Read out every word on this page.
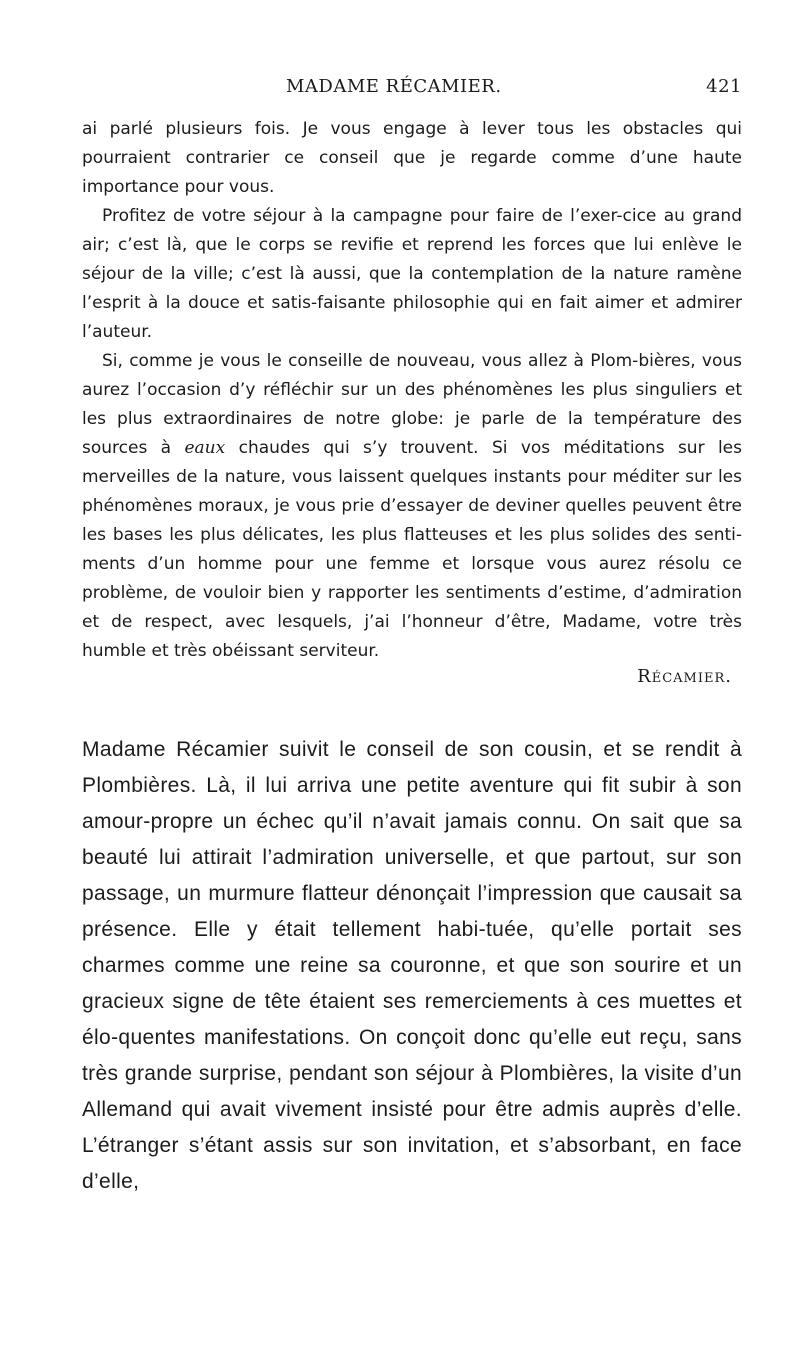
MADAME RÉCAMIER.	421

ai parlé plusieurs fois. Je vous engage à lever tous les obstacles qui pourraient contrarier ce conseil que je regarde comme d’une haute importance pour vous.

Profitez de votre séjour à la campagne pour faire de l’exer-cice au grand air; c’est là, que le corps se revifie et reprend les forces que lui enlève le séjour de la ville; c’est là aussi, que la contemplation de la nature ramène l’esprit à la douce et satis-faisante philosophie qui en fait aimer et admirer l’auteur.

Si, comme je vous le conseille de nouveau, vous allez à Plom-bières, vous aurez l’occasion d’y réfléchir sur un des phénomènes les plus singuliers et les plus extraordinaires de notre globe: je parle de la température des sources à eaux chaudes qui s’y trouvent. Si vos méditations sur les merveilles de la nature, vous laissent quelques instants pour méditer sur les phénomènes moraux, je vous prie d’essayer de deviner quelles peuvent être les bases les plus délicates, les plus flatteuses et les plus solides des senti-ments d’un homme pour une femme et lorsque vous aurez résolu ce problème, de vouloir bien y rapporter les sentiments d’estime, d’admiration et de respect, avec lesquels, j’ai l’honneur d’être, Madame, votre très humble et très obéissant serviteur.

Récamier.

Madame Récamier suivit le conseil de son cousin, et se rendit à Plombières. Là, il lui arriva une petite aventure qui fit subir à son amour-propre un échec qu’il n’avait jamais connu. On sait que sa beauté lui attirait l’admiration universelle, et que partout, sur son passage, un murmure flatteur dénonçait l’impression que causait sa présence. Elle y était tellement habi-tuée, qu’elle portait ses charmes comme une reine sa couronne, et que son sourire et un gracieux signe de tête étaient ses remerciements à ces muettes et élo-quentes manifestations. On conçoit donc qu’elle eut reçu, sans très grande surprise, pendant son séjour à Plombières, la visite d’un Allemand qui avait vivement insisté pour être admis auprès d’elle. L’étranger s’étant assis sur son invitation, et s’absorbant, en face d’elle,
